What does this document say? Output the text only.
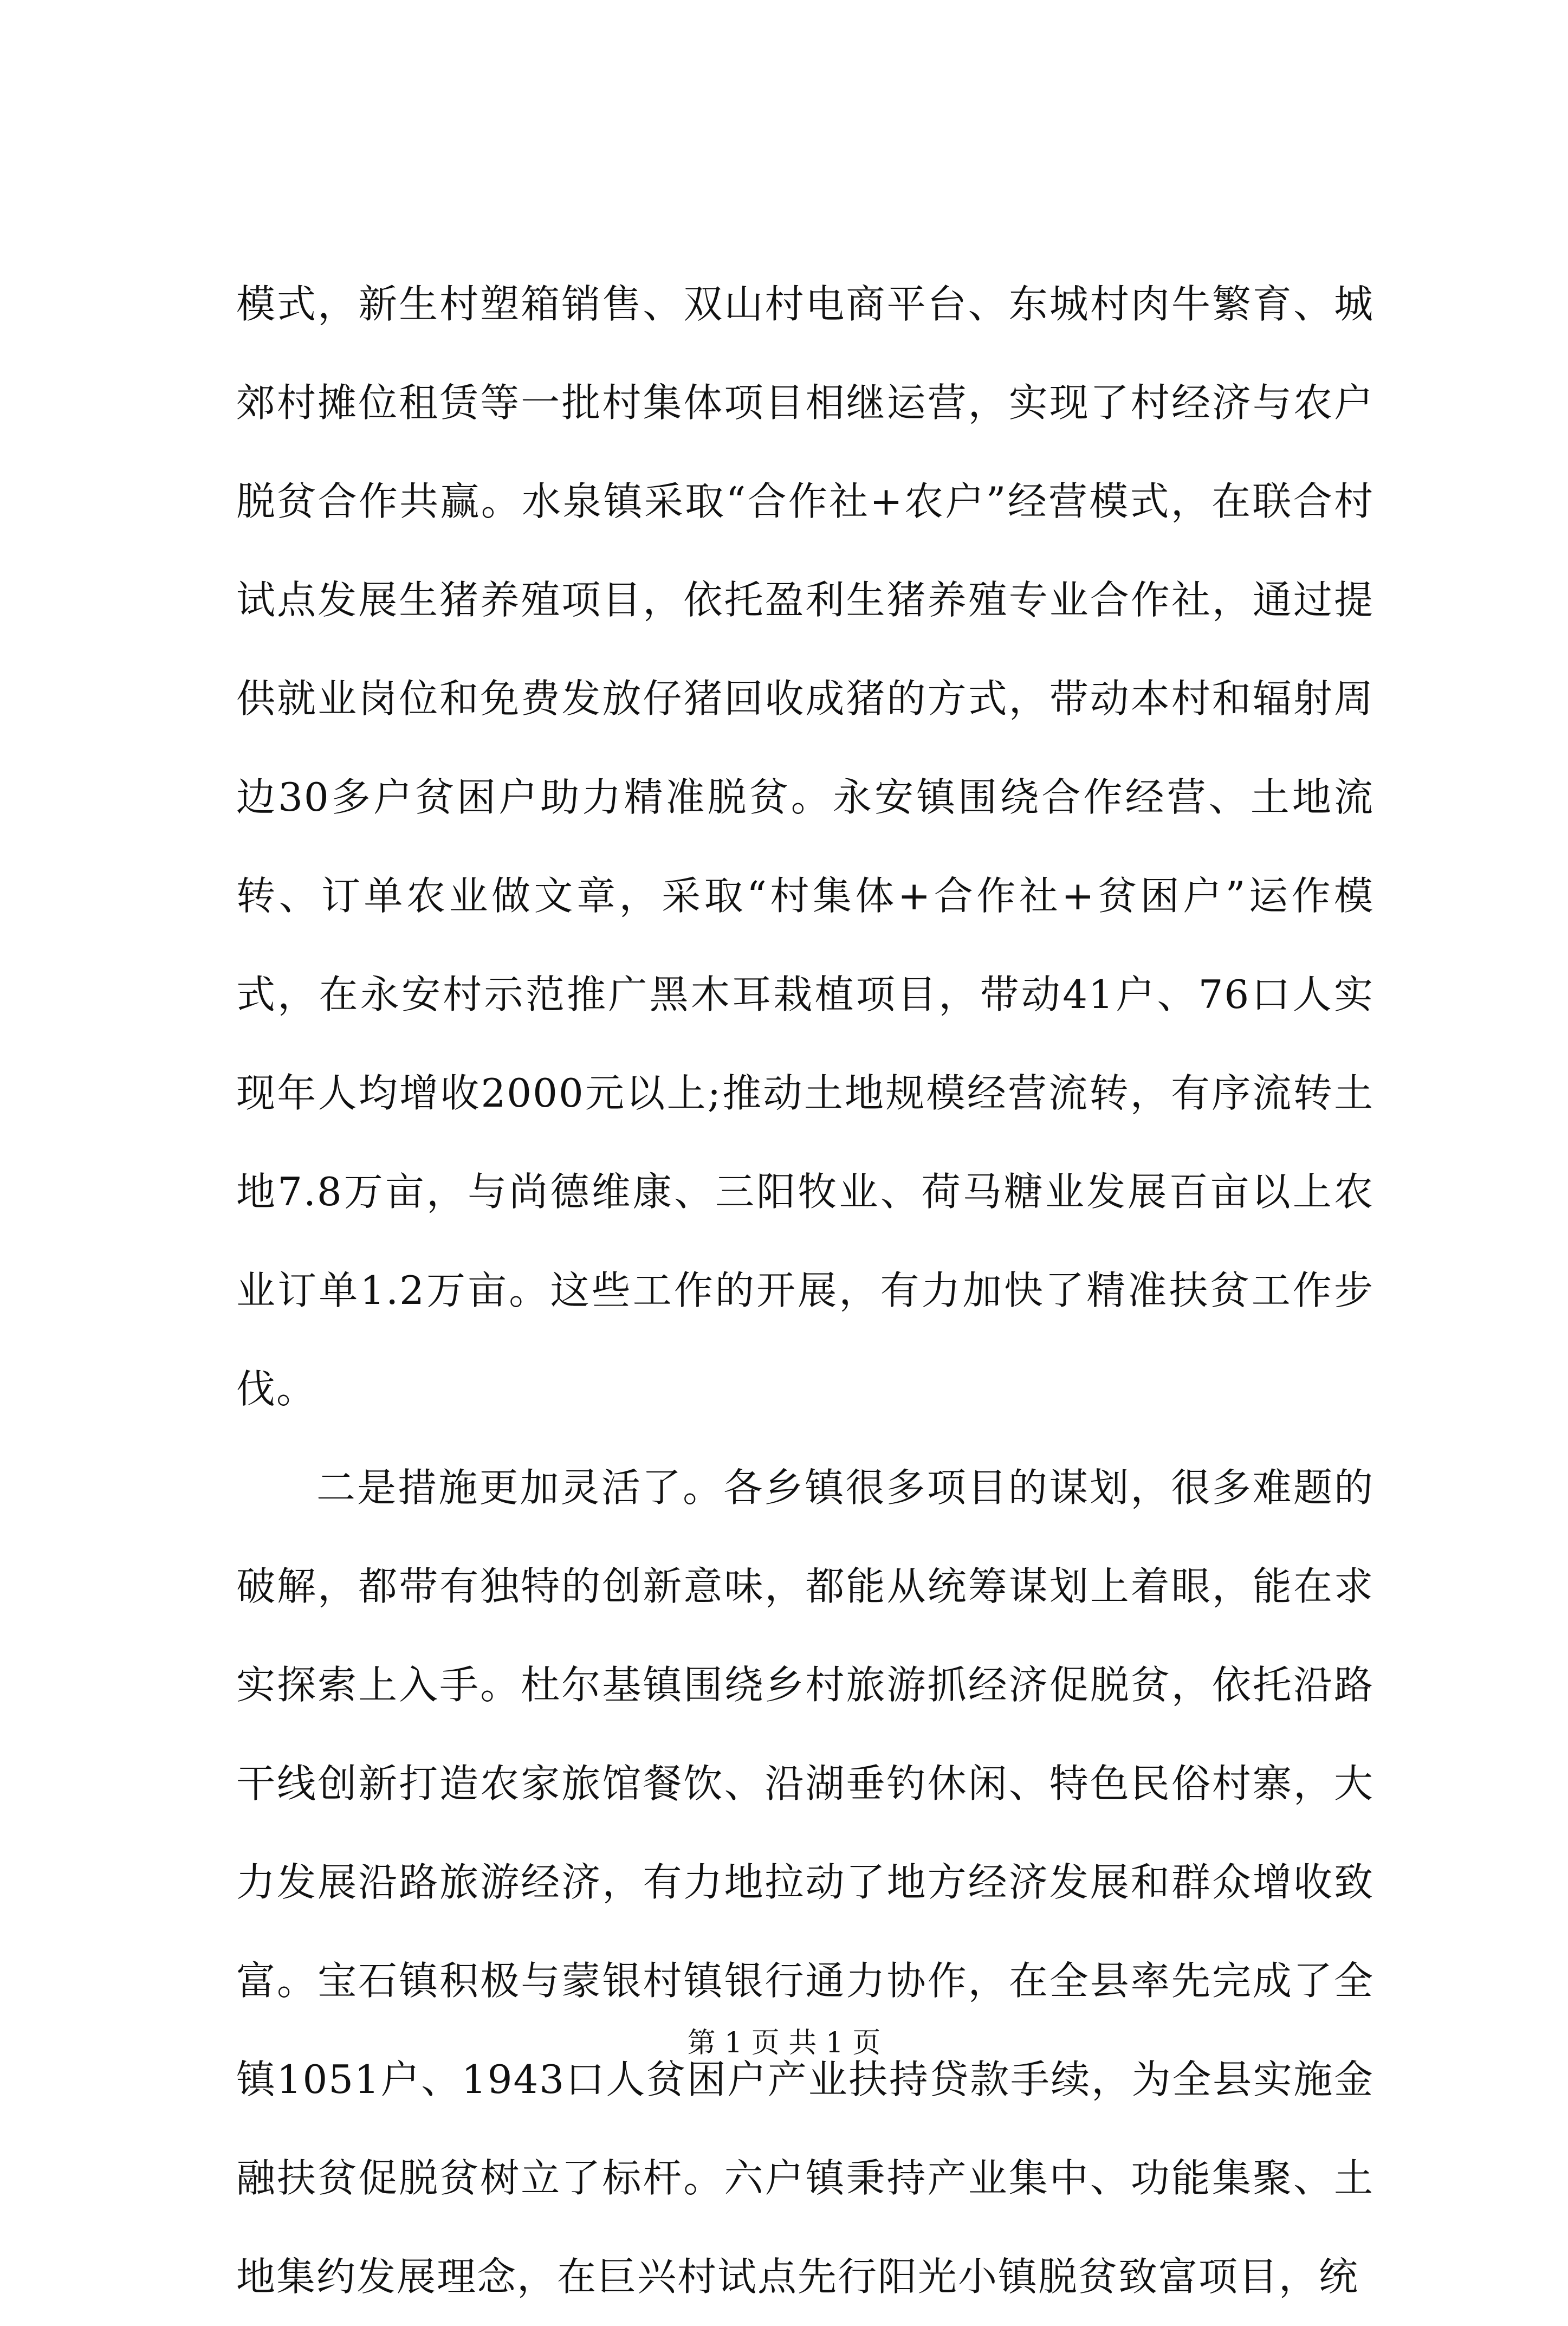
模式，新生村塑箱销售、双山村电商平台、东城村肉牛繁育、城郊村摊位租赁等一批村集体项目相继运营，实现了村经济与农户脱贫合作共赢。水泉镇采取“合作社+农户”经营模式，在联合村试点发展生猪养殖项目，依托盈利生猪养殖专业合作社，通过提供就业岗位和免费发放仔猪回收成猪的方式，带动本村和辐射周边30多户贫困户助力精准脱贫。永安镇围绕合作经营、土地流转、订单农业做文章，采取“村集体+合作社+贫困户”运作模式，在永安村示范推广黑木耳栽植项目，带动41户、76口人实现年人均增收2000元以上;推动土地规模经营流转，有序流转土地7.8万亩，与尚德维康、三阳牧业、荷马糖业发展百亩以上农业订单1.2万亩。这些工作的开展，有力加快了精准扶贫工作步伐。

二是措施更加灵活了。各乡镇很多项目的谋划，很多难题的破解，都带有独特的创新意味，都能从统筹谋划上着眼，能在求实探索上入手。杜尔基镇围绕乡村旅游抓经济促脱贫，依托沿路干线创新打造农家旅馆餐饮、沿湖垂钓休闲、特色民俗村寨，大力发展沿路旅游经济，有力地拉动了地方经济发展和群众增收致富。宝石镇积极与蒙银村镇银行通力协作，在全县率先完成了全镇1051户、1943口人贫困户产业扶持贷款手续，为全县实施金融扶贫促脱贫树立了标杆。六户镇秉持产业集中、功能集聚、土地集约发展理念，在巨兴村试点先行阳光小镇脱贫致富项目，统

第 1 页 共 1 页
